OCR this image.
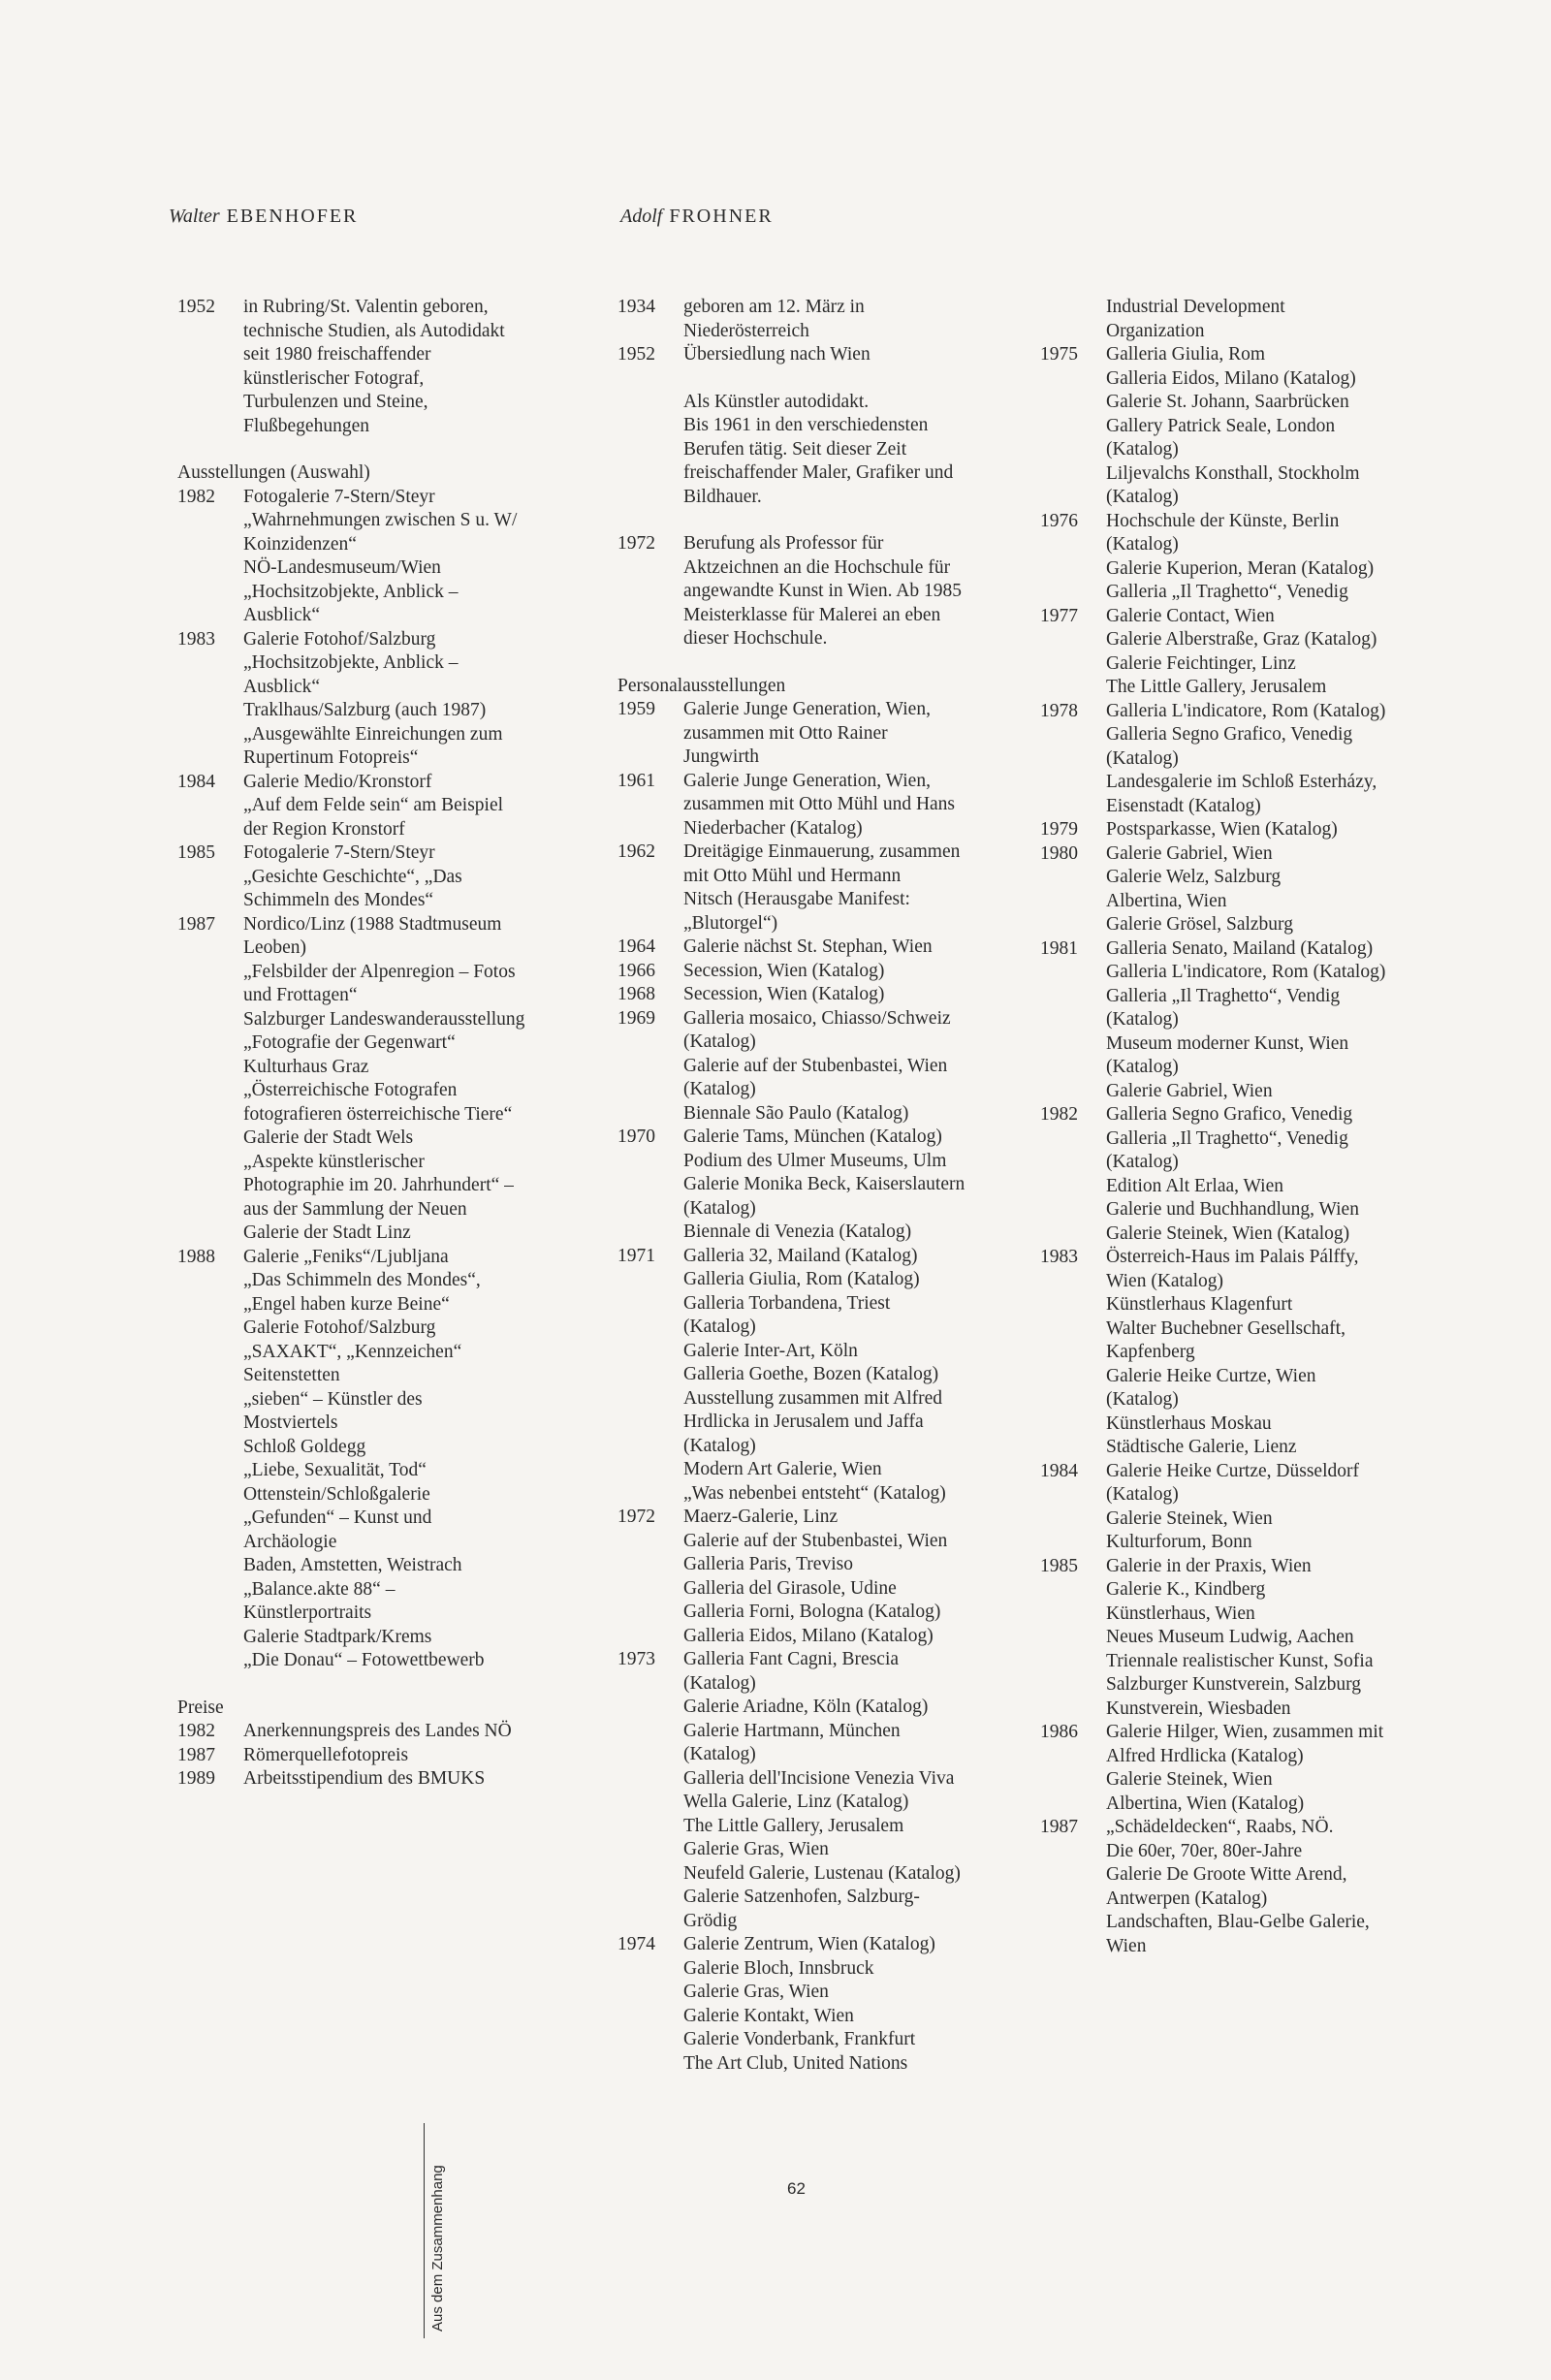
Walter EBENHOFER	Adolf FROHNER
1952	in Rubring/St. Valentin geboren,
technische Studien, als Autodidakt
seit 1980 freischaffender
künstlerischer Fotograf,
Turbulenzen und Steine,
Flußbegehungen
Ausstellungen (Auswahl)
1982	Fotogalerie 7-Stern/Steyr
„Wahrnehmungen zwischen S u. W/
Koinzidenzen“
NÖ-Landesmuseum/Wien
„Hochsitzobjekte, Anblick –
Ausblick“
1983	Galerie Fotohof/Salzburg
„Hochsitzobjekte, Anblick –
Ausblick“
Traklhaus/Salzburg (auch 1987)
„Ausgewählte Einreichungen zum
Rupertinum Fotopreis“
1984	Galerie Medio/Kronstorf
„Auf dem Felde sein“ am Beispiel
der Region Kronstorf
1985	Fotogalerie 7-Stern/Steyr
„Gesichte Geschichte“, „Das
Schimmeln des Mondes“
1987	Nordico/Linz (1988 Stadtmuseum
Leoben)
„Felsbilder der Alpenregion – Fotos
und Frottagen“
Salzburger Landeswanderausstellung
„Fotografie der Gegenwart“
Kulturhaus Graz
„Österreichische Fotografen
fotografieren österreichische Tiere“
Galerie der Stadt Wels
„Aspekte künstlerischer
Photographie im 20. Jahrhundert“ –
aus der Sammlung der Neuen
Galerie der Stadt Linz
1988	Galerie „Feniks“/Ljubljana
„Das Schimmeln des Mondes“,
„Engel haben kurze Beine“
Galerie Fotohof/Salzburg
„SAXAKT“, „Kennzeichen“
Seitenstetten
„sieben“ – Künstler des
Mostviertels
Schloß Goldegg
„Liebe, Sexualität, Tod“
Ottenstein/Schloßgalerie
„Gefunden“ – Kunst und
Archäologie
Baden, Amstetten, Weistrach
„Balance.akte 88“ –
Künstlerportraits
Galerie Stadtpark/Krems
„Die Donau“ – Fotowettbewerb
Preise
1982	Anerkennungspreis des Landes NÖ
1987	Römerquellefotopreis
1989	Arbeitsstipendium des BMUKS
1934	geboren am 12. März in
Niederösterreich
1952	Übersiedlung nach Wien
Als Künstler autodidakt.
Bis 1961 in den verschiedensten
Berufen tätig. Seit dieser Zeit
freischaffender Maler, Grafiker und
Bildhauer.
1972	Berufung als Professor für
Aktzeichnen an die Hochschule für
angewandte Kunst in Wien. Ab 1985
Meisterklasse für Malerei an eben
dieser Hochschule.
Personalausstellungen
1959	Galerie Junge Generation, Wien,
zusammen mit Otto Rainer
Jungwirth
1961	Galerie Junge Generation, Wien,
zusammen mit Otto Mühl und Hans
Niederbacher (Katalog)
1962	Dreitägige Einmauerung, zusammen
mit Otto Mühl und Hermann
Nitsch (Herausgabe Manifest:
„Blutorgel“)
1964	Galerie nächst St. Stephan, Wien
1966	Secession, Wien (Katalog)
1968	Secession, Wien (Katalog)
1969	Galleria mosaico, Chiasso/Schweiz
(Katalog)
Galerie auf der Stubenbastei, Wien
(Katalog)
Biennale São Paulo (Katalog)
1970	Galerie Tams, München (Katalog)
Podium des Ulmer Museums, Ulm
Galerie Monika Beck, Kaiserslautern
(Katalog)
Biennale di Venezia (Katalog)
1971	Galleria 32, Mailand (Katalog)
Galleria Giulia, Rom (Katalog)
Galleria Torbandena, Triest
(Katalog)
Galerie Inter-Art, Köln
Galleria Goethe, Bozen (Katalog)
Ausstellung zusammen mit Alfred
Hrdlicka in Jerusalem und Jaffa
(Katalog)
Modern Art Galerie, Wien
„Was nebenbei entsteht“ (Katalog)
1972	Maerz-Galerie, Linz
Galerie auf der Stubenbastei, Wien
Galleria Paris, Treviso
Galleria del Girasole, Udine
Galleria Forni, Bologna (Katalog)
Galleria Eidos, Milano (Katalog)
1973	Galleria Fant Cagni, Brescia
(Katalog)
Galerie Ariadne, Köln (Katalog)
Galerie Hartmann, München
(Katalog)
Galleria dell'Incisione Venezia Viva
Wella Galerie, Linz (Katalog)
The Little Gallery, Jerusalem
Galerie Gras, Wien
Neufeld Galerie, Lustenau (Katalog)
Galerie Satzenhofen, Salzburg-
Grödig
1974	Galerie Zentrum, Wien (Katalog)
Galerie Bloch, Innsbruck
Galerie Gras, Wien
Galerie Kontakt, Wien
Galerie Vonderbank, Frankfurt
The Art Club, United Nations
Industrial Development
Organization
1975	Galleria Giulia, Rom
Galleria Eidos, Milano (Katalog)
Galerie St. Johann, Saarbrücken
Gallery Patrick Seale, London
(Katalog)
Liljevalchs Konsthall, Stockholm
(Katalog)
1976	Hochschule der Künste, Berlin
(Katalog)
Galerie Kuperion, Meran (Katalog)
Galleria „Il Traghetto“, Venedig
1977	Galerie Contact, Wien
Galerie Alberstraße, Graz (Katalog)
Galerie Feichtinger, Linz
The Little Gallery, Jerusalem
1978	Galleria L'indicatore, Rom (Katalog)
Galleria Segno Grafico, Venedig
(Katalog)
Landesgalerie im Schloß Esterházy,
Eisenstadt (Katalog)
1979	Postsparkasse, Wien (Katalog)
1980	Galerie Gabriel, Wien
Galerie Welz, Salzburg
Albertina, Wien
Galerie Grösel, Salzburg
1981	Galleria Senato, Mailand (Katalog)
Galleria L'indicatore, Rom (Katalog)
Galleria „Il Traghetto“, Vendig
(Katalog)
Museum moderner Kunst, Wien
(Katalog)
Galerie Gabriel, Wien
1982	Galleria Segno Grafico, Venedig
Galleria „Il Traghetto“, Venedig
(Katalog)
Edition Alt Erlaa, Wien
Galerie und Buchhandlung, Wien
Galerie Steinek, Wien (Katalog)
1983	Österreich-Haus im Palais Pálffy,
Wien (Katalog)
Künstlerhaus Klagenfurt
Walter Buchebner Gesellschaft,
Kapfenberg
Galerie Heike Curtze, Wien
(Katalog)
Künstlerhaus Moskau
Städtische Galerie, Lienz
1984	Galerie Heike Curtze, Düsseldorf
(Katalog)
Galerie Steinek, Wien
Kulturforum, Bonn
1985	Galerie in der Praxis, Wien
Galerie K., Kindberg
Künstlerhaus, Wien
Neues Museum Ludwig, Aachen
Triennale realistischer Kunst, Sofia
Salzburger Kunstverein, Salzburg
Kunstverein, Wiesbaden
1986	Galerie Hilger, Wien, zusammen mit
Alfred Hrdlicka (Katalog)
Galerie Steinek, Wien
Albertina, Wien (Katalog)
1987	„Schädeldecken“, Raabs, NÖ.
Die 60er, 70er, 80er-Jahre
Galerie De Groote Witte Arend,
Antwerpen (Katalog)
Landschaften, Blau-Gelbe Galerie,
Wien
Aus dem Zusammenhang	62
